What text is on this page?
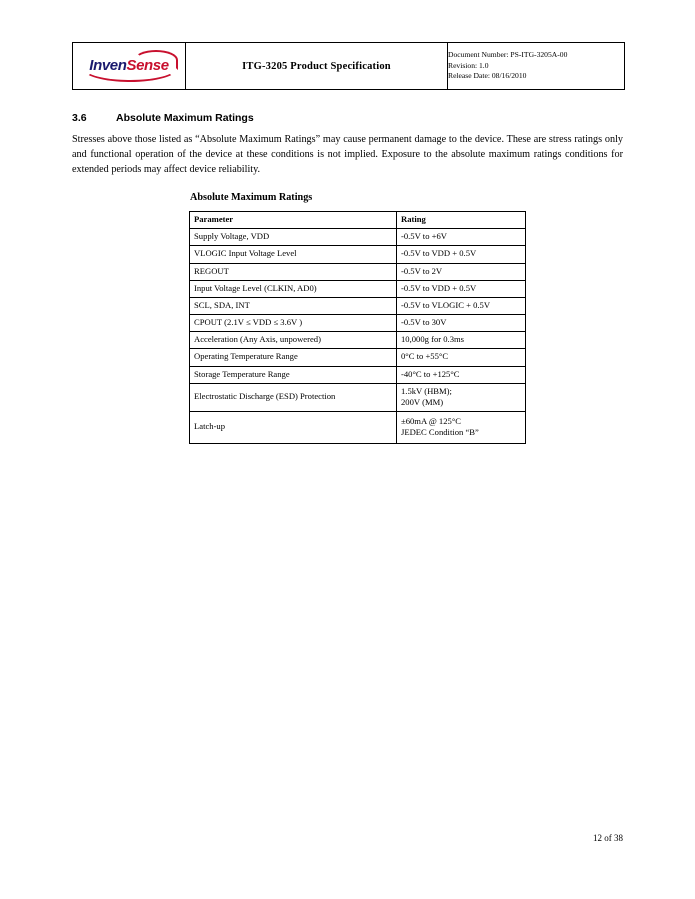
InvenSense	ITG-3205 Product Specification	
Document Number: PS-ITG-3205A-00
Revision: 1.0
Release Date: 08/16/2010
3.6	Absolute Maximum Ratings
Stresses above those listed as “Absolute Maximum Ratings” may cause permanent damage to the device. These are stress ratings only and functional operation of the device at these conditions is not implied. Exposure to the absolute maximum ratings conditions for extended periods may affect device reliability.
Absolute Maximum Ratings
Parameter	Rating
Supply Voltage, VDD	-0.5V to +6V
VLOGIC Input Voltage Level	-0.5V to VDD + 0.5V
REGOUT	-0.5V to 2V
Input Voltage Level (CLKIN, AD0)	-0.5V to VDD + 0.5V
SCL, SDA, INT	-0.5V to VLOGIC + 0.5V
CPOUT (2.1V ≤ VDD ≤ 3.6V )	-0.5V to 30V
Acceleration (Any Axis, unpowered)	10,000g for 0.3ms
Operating Temperature Range	0°C to +55°C
Storage Temperature Range	-40°C to +125°C
Electrostatic Discharge (ESD) Protection	1.5kV (HBM);
200V (MM)
Latch-up	±60mA @ 125°C
JEDEC Condition “B”
12 of 38
